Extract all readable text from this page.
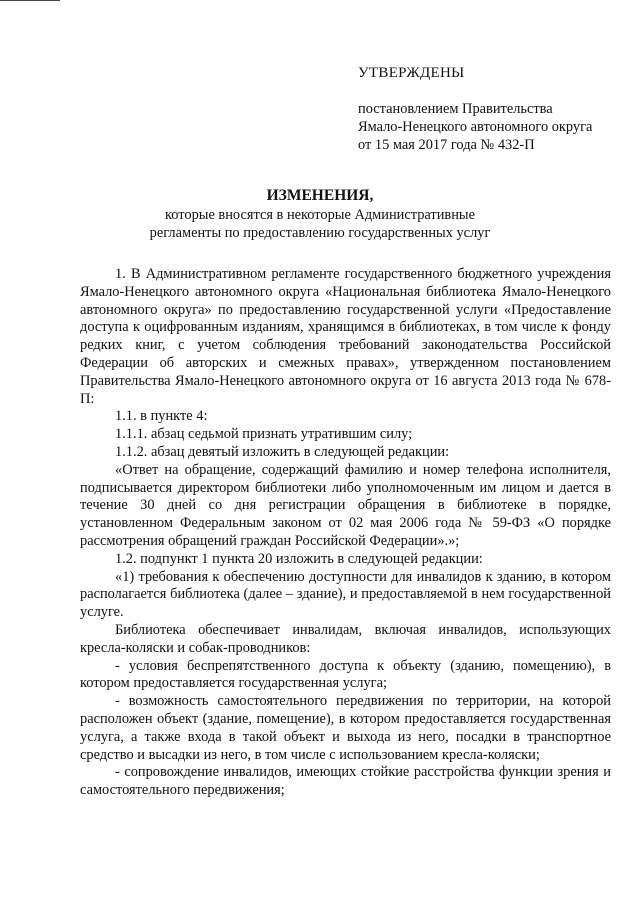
УТВЕРЖДЕНЫ
постановлением Правительства
Ямало-Ненецкого автономного округа
от 15 мая 2017 года № 432-П
ИЗМЕНЕНИЯ,
которые вносятся в некоторые Административные
регламенты по предоставлению государственных услуг

1. В Административном регламенте государственного бюджетного учреждения Ямало-Ненецкого автономного округа «Национальная библиотека Ямало-Ненецкого автономного округа» по предоставлению государственной услуги «Предоставление доступа к оцифрованным изданиям, хранящимся в библиотеках, в том числе к фонду редких книг, с учетом соблюдения требований законодательства Российской Федерации об авторских и смежных правах», утвержденном постановлением Правительства Ямало-Ненецкого автономного округа от 16 августа 2013 года № 678-П:

1.1. в пункте 4:

1.1.1. абзац седьмой признать утратившим силу;

1.1.2. абзац девятый изложить в следующей редакции:

«Ответ на обращение, содержащий фамилию и номер телефона исполнителя, подписывается директором библиотеки либо уполномоченным им лицом и дается в течение 30 дней со дня регистрации обращения в библиотеке в порядке, установленном Федеральным законом от 02 мая 2006 года № 59-ФЗ «О порядке рассмотрения обращений граждан Российской Федерации».»;

1.2. подпункт 1 пункта 20 изложить в следующей редакции:

«1) требования к обеспечению доступности для инвалидов к зданию, в котором располагается библиотека (далее – здание), и предоставляемой в нем государственной услуге.

Библиотека обеспечивает инвалидам, включая инвалидов, использующих кресла-коляски и собак-проводников:

- условия беспрепятственного доступа к объекту (зданию, помещению), в котором предоставляется государственная услуга;

- возможность самостоятельного передвижения по территории, на которой расположен объект (здание, помещение), в котором предоставляется государственная услуга, а также входа в такой объект и выхода из него, посадки в транспортное средство и высадки из него, в том числе с использованием кресла-коляски;

- сопровождение инвалидов, имеющих стойкие расстройства функции зрения и самостоятельного передвижения;
